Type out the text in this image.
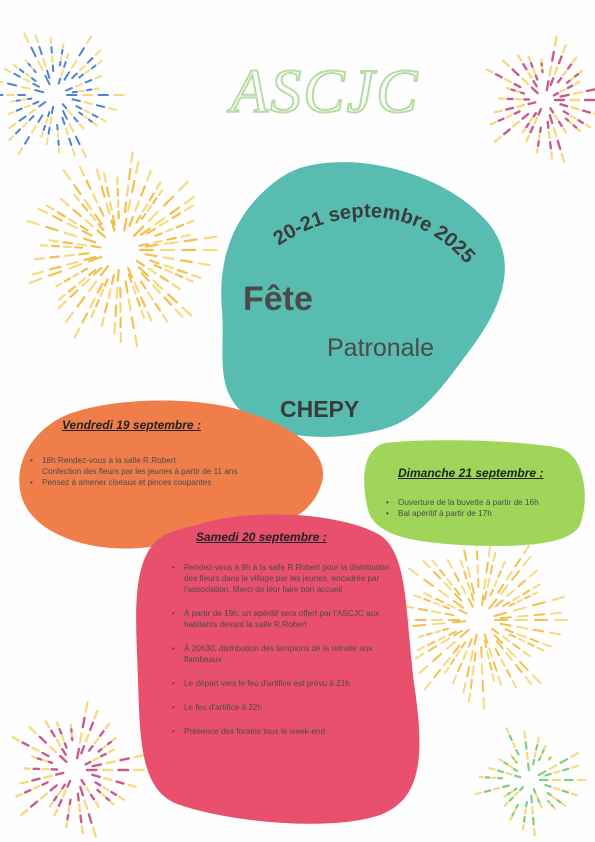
ASCJC
20-21 septembre 2025
Fête
Patronale
CHEPY
Vendredi 19 septembre :
• 18h Rendez-vous à la salle R.Robert
Confection des fleurs par les jeunes à partir de 11 ans
• Pensez à amener ciseaux et pinces coupantes
Dimanche 21 septembre :
• Ouverture de la buvette à partir de 16h
• Bal apéritif à partir de 17h
Samedi 20 septembre :
• Rendez-vous à 9h à la salle R.Robert pour la distribution des fleurs dans le village par les jeunes, encadrés par l'association. Merci de leur faire bon accueil
• À partir de 19h, un apéritif sera offert par l'ASCJC aux habitants devant la salle R.Robert
• À 20h30, distribution des lampions de la retraite aux flambeaux
• Le départ vers le feu d'artifice est prévu à 21h
• Le feu d'artifice à 22h
• Présence des forains tous le week-end
